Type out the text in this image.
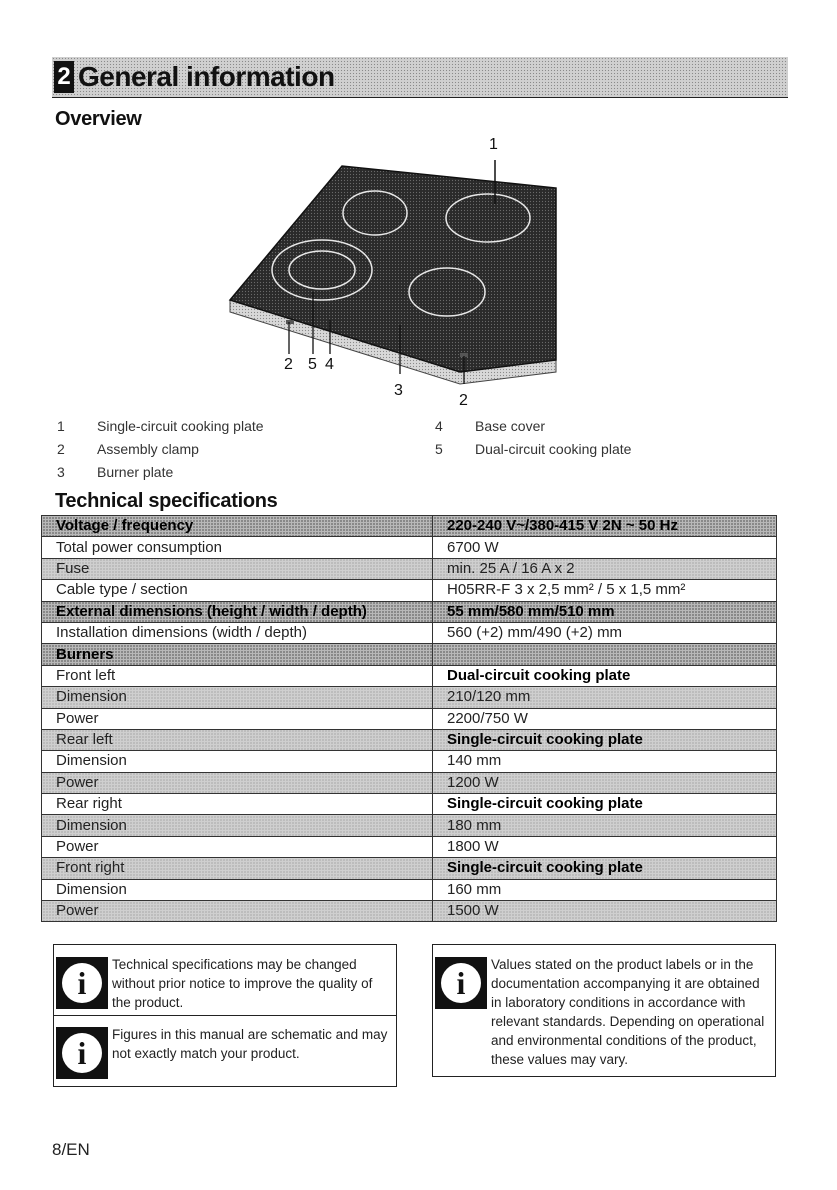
2 General information
Overview
1
2 5 4
3
2
1 Single-circuit cooking plate
2 Assembly clamp
3 Burner plate
4 Base cover
5 Dual-circuit cooking plate
Technical specifications
Voltage / frequency	220-240 V~/380-415 V 2N ~ 50 Hz
Total power consumption	6700 W
Fuse	min. 25 A / 16 A x 2
Cable type / section	H05RR-F 3 x 2,5 mm² / 5 x 1,5 mm²
External dimensions (height / width / depth)	55 mm/580 mm/510 mm
Installation dimensions (width / depth)	560 (+2) mm/490 (+2) mm
Burners	
Front left	Dual-circuit cooking plate
Dimension	210/120 mm
Power	2200/750 W
Rear left	Single-circuit cooking plate
Dimension	140 mm
Power	1200 W
Rear right	Single-circuit cooking plate
Dimension	180 mm
Power	1800 W
Front right	Single-circuit cooking plate
Dimension	160 mm
Power	1500 W
i
Technical specifications may be changed without prior notice to improve the quality of the product.
i
Figures in this manual are schematic and may not exactly match your product.
i
Values stated on the product labels or in the documentation accompanying it are obtained in laboratory conditions in accordance with relevant standards. Depending on operational and environmental conditions of the product, these values may vary.
8/EN
